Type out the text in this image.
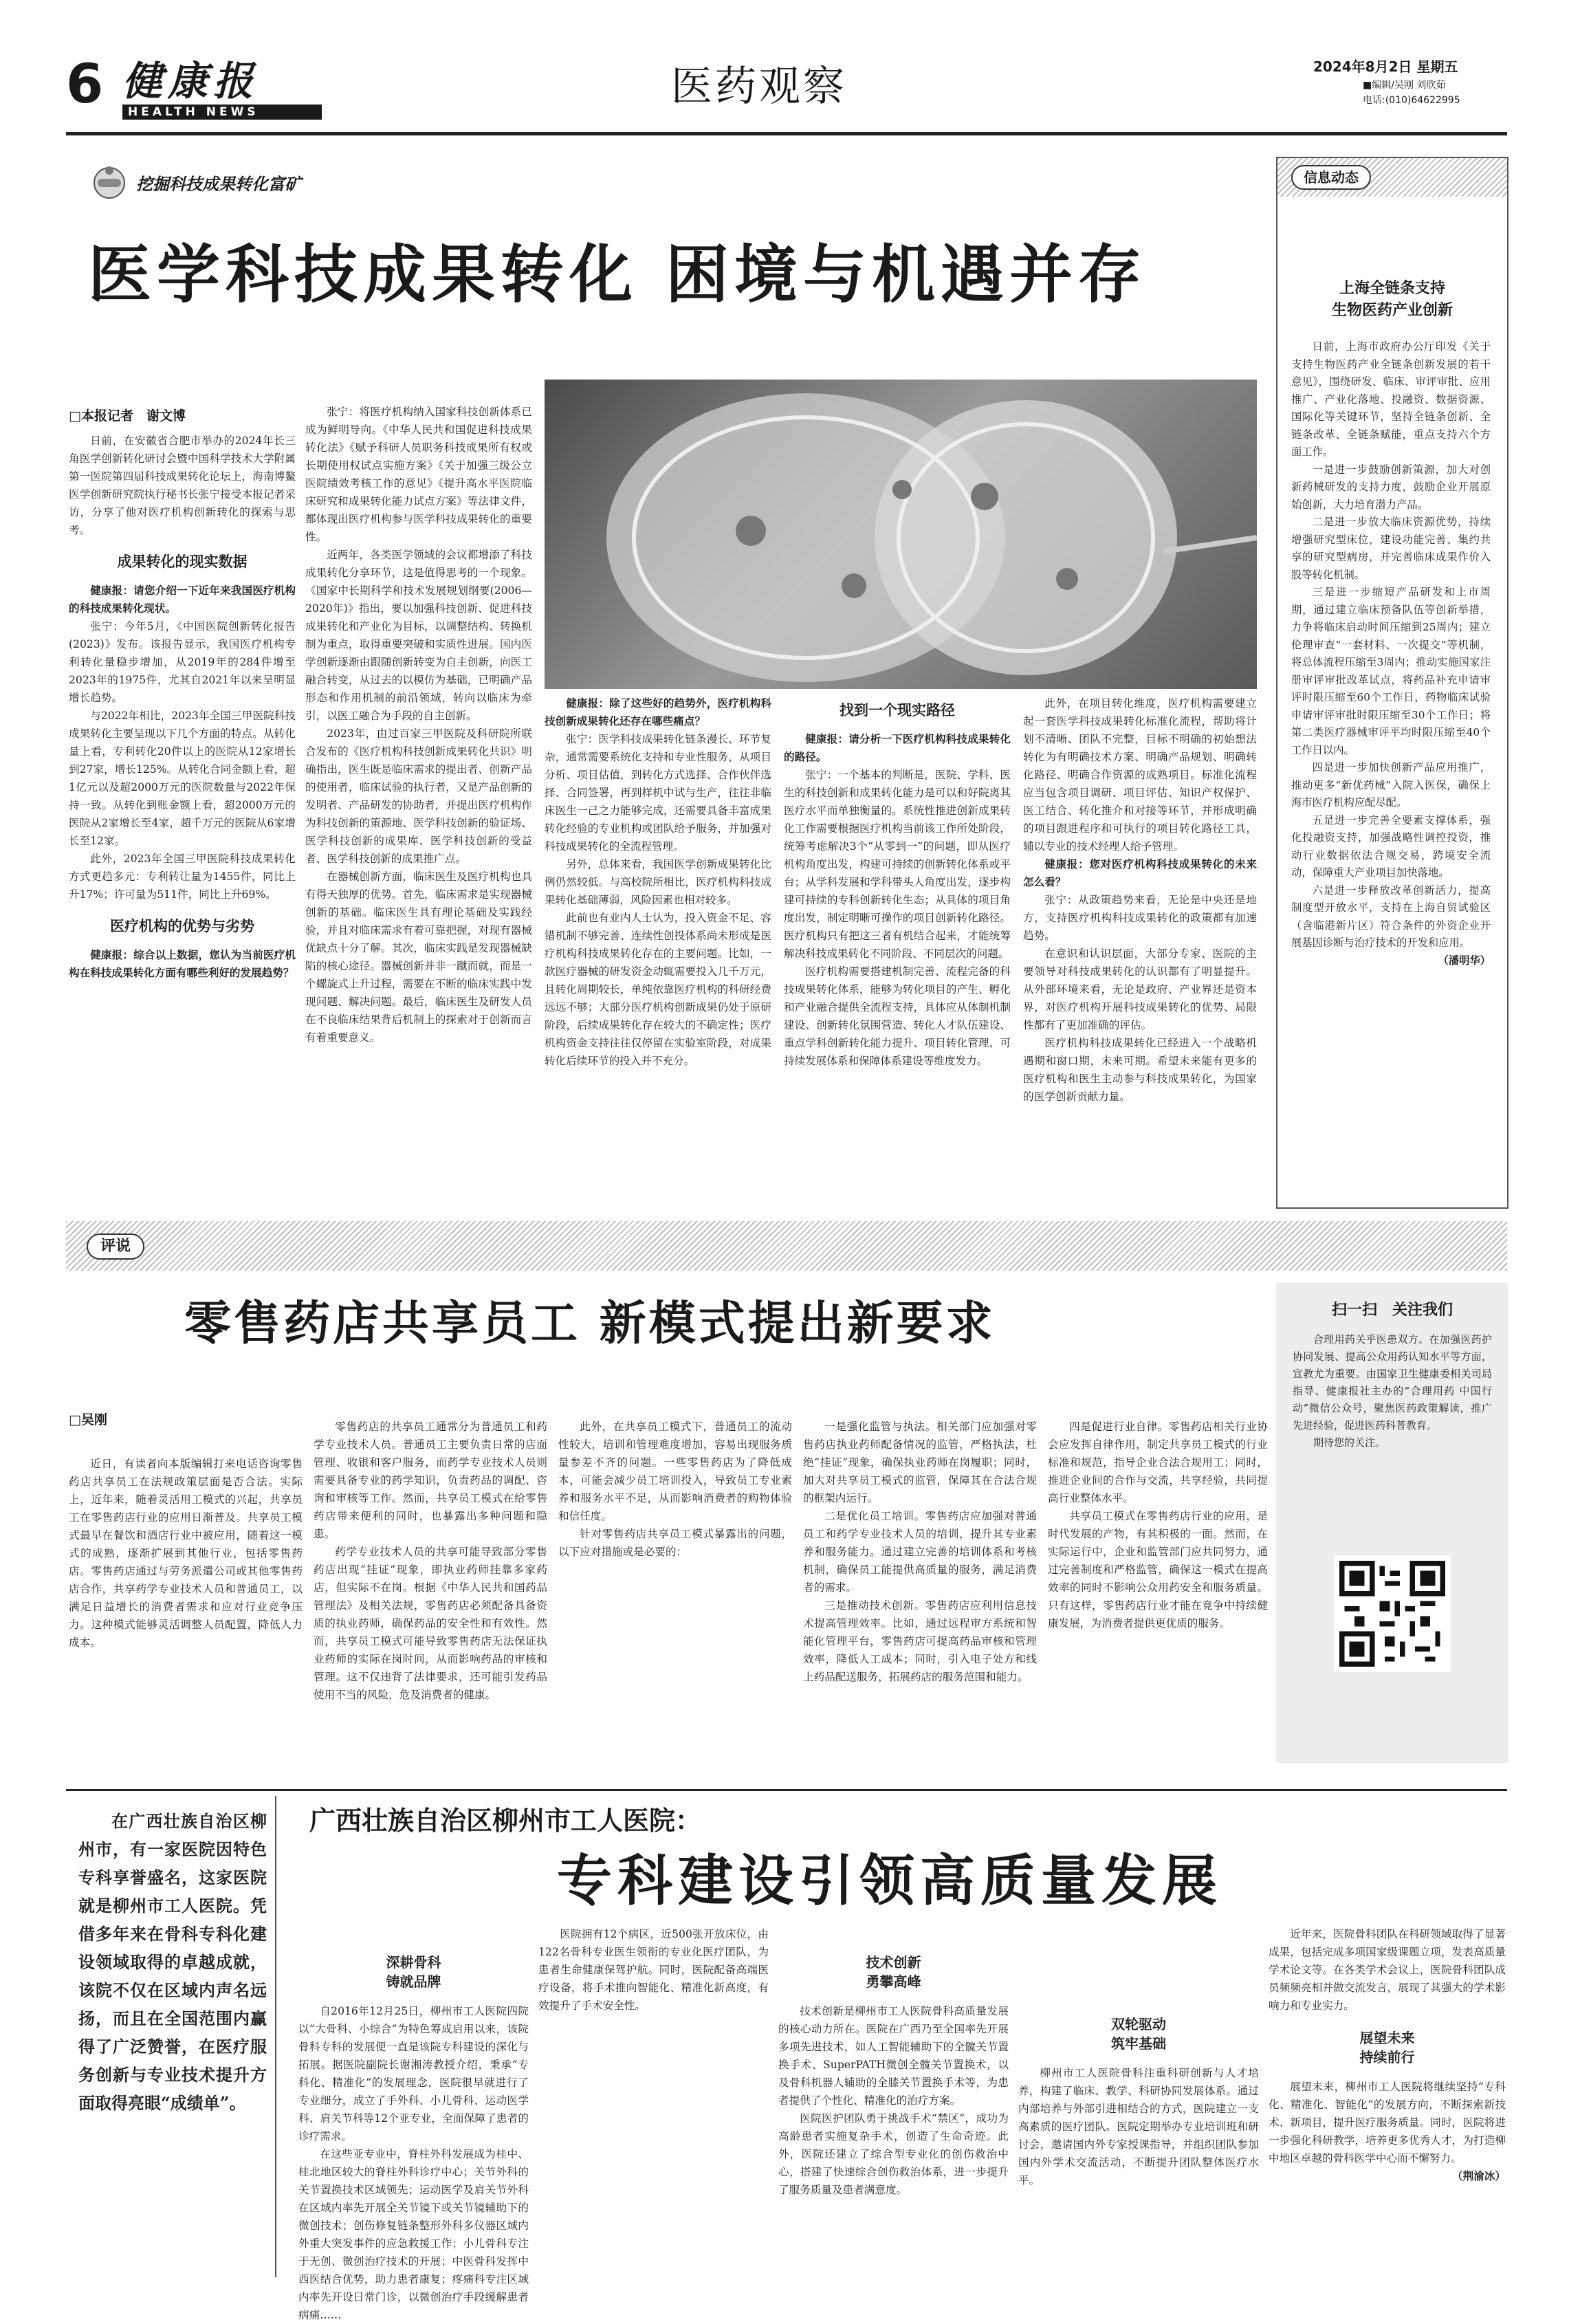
6 健康报
HEALTH NEWS
医药观察	2024年8月2日 星期五
■编辑/吴刚 刘欣茹
电话:(010)64622995
挖掘科技成果转化富矿
医学科技成果转化 困境与机遇并存
□本报记者　谢文博

日前，在安徽省合肥市举办的2024年长三角医学创新转化研讨会暨中国科学技术大学附属第一医院第四届科技成果转化论坛上，海南博鳌医学创新研究院执行秘书长张宁接受本报记者采访，分享了他对医疗机构创新转化的探索与思考。

成果转化的现实数据

健康报：请您介绍一下近年来我国医疗机构的科技成果转化现状。

张宁：今年5月，《中国医院创新转化报告(2023)》发布。该报告显示，我国医疗机构专利转化量稳步增加，从2019年的284件增至2023年的1975件，尤其自2021年以来呈明显增长趋势。

与2022年相比，2023年全国三甲医院科技成果转化主要呈现以下几个方面的特点。从转化量上看，专利转化20件以上的医院从12家增长到27家，增长125%。从转化合同金额上看，超1亿元以及超2000万元的医院数量与2022年保持一致。从转化到账金额上看，超2000万元的医院从2家增长至4家，超千万元的医院从6家增长至12家。

此外，2023年全国三甲医院科技成果转化方式更趋多元：专利转让量为1455件，同比上升17%；许可量为511件，同比上升69%。

医疗机构的优势与劣势

健康报：综合以上数据，您认为当前医疗机构在科技成果转化方面有哪些利好的发展趋势？

张宁：将医疗机构纳入国家科技创新体系已成为鲜明导向。《中华人民共和国促进科技成果转化法》《赋予科研人员职务科技成果所有权或长期使用权试点实施方案》《关于加强三级公立医院绩效考核工作的意见》《提升高水平医院临床研究和成果转化能力试点方案》等法律文件，都体现出医疗机构参与医学科技成果转化的重要性。

近两年，各类医学领域的会议都增添了科技成果转化分享环节，这是值得思考的一个现象。《国家中长期科学和技术发展规划纲要(2006—2020年)》指出，要以加强科技创新、促进科技成果转化和产业化为目标，以调整结构、转换机制为重点，取得重要突破和实质性进展。国内医学创新逐渐由跟随创新转变为自主创新，向医工融合转变，从过去的以模仿为基础，已明确产品形态和作用机制的前沿领域，转向以临床为牵引，以医工融合为手段的自主创新。

2023年，由过百家三甲医院及科研院所联合发布的《医疗机构科技创新成果转化共识》明确指出，医生既是临床需求的提出者、创新产品的使用者，临床试验的执行者，又是产品创新的发明者、产品研发的协助者，并提出医疗机构作为科技创新的策源地、医学科技创新的验证场、医学科技创新的成果库、医学科技创新的受益者、医学科技创新的成果推广点。

在器械创新方面，临床医生及医疗机构也具有得天独厚的优势。首先，临床需求是实现器械创新的基础。临床医生具有理论基础及实践经验，并且对临床需求有着可靠把握，对现有器械优缺点十分了解。其次，临床实践是发现器械缺陷的核心途径。器械创新并非一蹴而就，而是一个螺旋式上升过程，需要在不断的临床实践中发现问题、解决问题。最后，临床医生及研发人员在不良临床结果背后机制上的探索对于创新而言有着重要意义。

健康报：除了这些好的趋势外，医疗机构科技创新成果转化还存在哪些痛点？

张宁：医学科技成果转化链条漫长、环节复杂，通常需要系统化支持和专业性服务，从项目分析、项目估值，到转化方式选择、合作伙伴选择、合同签署，再到样机中试与生产，往往非临床医生一己之力能够完成，还需要具备丰富成果转化经验的专业机构或团队给予服务，并加强对科技成果转化的全流程管理。

另外，总体来看，我国医学创新成果转化比例仍然较低。与高校院所相比，医疗机构科技成果转化基础薄弱，风险因素也相对较多。

此前也有业内人士认为，投入资金不足、容错机制不够完善、连续性创投体系尚未形成是医疗机构科技成果转化存在的主要问题。比如，一款医疗器械的研发资金动辄需要投入几千万元，且转化周期较长，单纯依靠医疗机构的科研经费远远不够；大部分医疗机构创新成果仍处于原研阶段，后续成果转化存在较大的不确定性；医疗机构资金支持往往仅停留在实验室阶段，对成果转化后续环节的投入并不充分。

找到一个现实路径

健康报：请分析一下医疗机构科技成果转化的路径。

张宁：一个基本的判断是，医院、学科、医生的科技创新和成果转化能力是可以和好院离其医疗水平而单独衡量的。系统性推进创新成果转化工作需要根据医疗机构当前该工作所处阶段，统筹考虑解决3个“从零到一”的问题，即从医疗机构角度出发，构建可持续的创新转化体系或平台；从学科发展和学科带头人角度出发，逐步构建可持续的专科创新转化生态；从具体的项目角度出发，制定明晰可操作的项目创新转化路径。医疗机构只有把这三者有机结合起来，才能统筹解决科技成果转化不同阶段、不同层次的问题。

医疗机构需要搭建机制完善、流程完备的科技成果转化体系，能够为转化项目的产生、孵化和产业融合提供全流程支持，具体应从体制机制建设、创新转化氛围营造、转化人才队伍建设、重点学科创新转化能力提升、项目转化管理、可持续发展体系和保障体系建设等维度发力。

此外，在项目转化维度，医疗机构需要建立起一套医学科技成果转化标准化流程，帮助将计划不清晰、团队不完整，目标不明确的初始想法转化为有明确技术方案、明确产品规划、明确转化路径、明确合作资源的成熟项目。标准化流程应当包含项目调研、项目评估、知识产权保护、医工结合、转化推介和对接等环节，并形成明确的项目跟进程序和可执行的项目转化路径工具，辅以专业的技术经理人给予管理。

健康报：您对医疗机构科技成果转化的未来怎么看？

张宁：从政策趋势来看，无论是中央还是地方，支持医疗机构科技成果转化的政策都有加速趋势。

在意识和认识层面，大部分专家、医院的主要领导对科技成果转化的认识都有了明显提升。从外部环境来看，无论是政府、产业界还是资本界，对医疗机构开展科技成果转化的优势、局限性都有了更加准确的评估。

医疗机构科技成果转化已经进入一个战略机遇期和窗口期，未来可期。希望未来能有更多的医疗机构和医生主动参与科技成果转化，为国家的医学创新贡献力量。

信息动态
上海全链条支持
生物医药产业创新

日前，上海市政府办公厅印发《关于支持生物医药产业全链条创新发展的若干意见》，围绕研发、临床、审评审批、应用推广、产业化落地、投融资、数据资源、国际化等关键环节，坚持全链条创新、全链条改革、全链条赋能，重点支持六个方面工作。

一是进一步鼓励创新策源，加大对创新药械研发的支持力度，鼓励企业开展原始创新，大力培育潜力产品。

二是进一步放大临床资源优势，持续增强研究型床位，建设功能完善、集约共享的研究型病房，并完善临床成果作价入股等转化机制。

三是进一步缩短产品研发和上市周期，通过建立临床预备队伍等创新举措，力争将临床启动时间压缩到25周内；建立伦理审查“一套材料、一次提交”等机制，将总体流程压缩至3周内；推动实施国家注册审评审批改革试点，将药品补充申请审评时限压缩至60个工作日，药物临床试验申请审评审批时限压缩至30个工作日；将第二类医疗器械审评平均时限压缩至40个工作日以内。

四是进一步加快创新产品应用推广，推动更多“新优药械”入院入医保，确保上海市医疗机构应配尽配。

五是进一步完善全要素支撑体系，强化投融资支持，加强战略性调控投资，推动行业数据依法合规交易，跨境安全流动，保障重大产业项目加快落地。

六是进一步释放改革创新活力，提高制度型开放水平，支持在上海自贸试验区（含临港新片区）符合条件的外资企业开展基因诊断与治疗技术的开发和应用。

（潘明华）

评说
零售药店共享员工 新模式提出新要求
□吴刚

近日，有读者向本版编辑打来电话咨询零售药店共享员工在法规政策层面是否合法。实际上，近年来，随着灵活用工模式的兴起，共享员工在零售药店行业的应用日渐普及。共享员工模式最早在餐饮和酒店行业中被应用，随着这一模式的成熟，逐渐扩展到其他行业，包括零售药店。零售药店通过与劳务派遣公司或其他零售药店合作，共享药学专业技术人员和普通员工，以满足日益增长的消费者需求和应对行业竞争压力。这种模式能够灵活调整人员配置，降低人力成本。

零售药店的共享员工通常分为普通员工和药学专业技术人员。普通员工主要负责日常的店面管理、收银和客户服务，而药学专业技术人员则需要具备专业的药学知识，负责药品的调配、咨询和审核等工作。然而，共享员工模式在给零售药店带来便利的同时，也暴露出多种问题和隐患。

药学专业技术人员的共享可能导致部分零售药店出现“挂证”现象，即执业药师挂靠多家药店，但实际不在岗。根据《中华人民共和国药品管理法》及相关法规，零售药店必须配备具备资质的执业药师，确保药品的安全性和有效性。然而，共享员工模式可能导致零售药店无法保证执业药师的实际在岗时间，从而影响药品的审核和管理。这不仅违背了法律要求，还可能引发药品使用不当的风险，危及消费者的健康。

此外，在共享员工模式下，普通员工的流动性较大，培训和管理难度增加，容易出现服务质量参差不齐的问题。一些零售药店为了降低成本，可能会减少员工培训投入，导致员工专业素养和服务水平不足，从而影响消费者的购物体验和信任度。

针对零售药店共享员工模式暴露出的问题，以下应对措施或是必要的：

一是强化监管与执法。相关部门应加强对零售药店执业药师配备情况的监管，严格执法，杜绝“挂证”现象，确保执业药师在岗履职；同时，加大对共享员工模式的监管，保障其在合法合规的框架内运行。

二是优化员工培训。零售药店应加强对普通员工和药学专业技术人员的培训，提升其专业素养和服务能力。通过建立完善的培训体系和考核机制，确保员工能提供高质量的服务，满足消费者的需求。

三是推动技术创新。零售药店应利用信息技术提高管理效率。比如，通过远程审方系统和智能化管理平台，零售药店可提高药品审核和管理效率，降低人工成本；同时，引入电子处方和线上药品配送服务，拓展药店的服务范围和能力。

四是促进行业自律。零售药店相关行业协会应发挥自律作用，制定共享员工模式的行业标准和规范，指导企业合法合规用工；同时，推进企业间的合作与交流，共享经验，共同提高行业整体水平。

共享员工模式在零售药店行业的应用，是时代发展的产物，有其积极的一面。然而，在实际运行中，企业和监管部门应共同努力，通过完善制度和严格监管，确保这一模式在提高效率的同时不影响公众用药安全和服务质量。只有这样，零售药店行业才能在竞争中持续健康发展，为消费者提供更优质的服务。

扫一扫　关注我们

合理用药关乎医患双方。在加强医药护协同发展、提高公众用药认知水平等方面，宣教尤为重要。由国家卫生健康委相关司局指导、健康报社主办的“合理用药 中国行动”微信公众号，聚焦医药政策解读，推广先进经验，促进医药科普教育。

期待您的关注。

在广西壮族自治区柳州市，有一家医院因特色专科享誉盛名，这家医院就是柳州市工人医院。凭借多年来在骨科专科化建设领域取得的卓越成就，该院不仅在区域内声名远扬，而且在全国范围内赢得了广泛赞誉，在医疗服务创新与专业技术提升方面取得亮眼“成绩单”。

广西壮族自治区柳州市工人医院：
专科建设引领高质量发展
深耕骨科
铸就品牌

自2016年12月25日，柳州市工人医院四院以“大骨科、小综合”为特色筹成启用以来，该院骨科专科的发展便一直是该院专科建设的深化与拓展。据医院副院长谢湘涛教授介绍，秉承“专科化、精准化”的发展理念，医院很早就进行了专业细分，成立了手外科、小儿骨科、运动医学科、肩关节科等12个亚专业，全面保障了患者的诊疗需求。

在这些亚专业中，脊柱外科发展成为桂中、桂北地区较大的脊柱外科诊疗中心；关节外科的关节置换技术区域领先；运动医学及肩关节外科在区域内率先开展全关节镜下或关节镜辅助下的微创技术；创伤修复链条整形外科多仪器区域内外重大突发事件的应急救援工作；小儿骨科专注于无创、微创治疗技术的开展；中医骨科发挥中西医结合优势，助力患者康复；疼痛科专注区域内率先开设日常门诊，以微创治疗手段缓解患者病痛……

医院拥有12个病区，近500张开放床位，由122名骨科专业医生领衔的专业化医疗团队，为患者生命健康保驾护航。同时，医院配备高端医疗设备，将手术推向智能化、精准化新高度，有效提升了手术安全性。

技术创新
勇攀高峰

技术创新是柳州市工人医院骨科高质量发展的核心动力所在。医院在广西乃至全国率先开展多项先进技术，如人工智能辅助下的全髋关节置换手术、SuperPATH微创全髋关节置换术，以及骨科机器人辅助的全膝关节置换手术等，为患者提供了个性化、精准化的治疗方案。

医院医护团队勇于挑战手术“禁区”，成功为高龄患者实施复杂手术，创造了生命奇迹。此外，医院还建立了综合型专业化的创伤救治中心，搭建了快速综合创伤救治体系，进一步提升了服务质量及患者满意度。

双轮驱动
筑牢基础

柳州市工人医院骨科注重科研创新与人才培养，构建了临床、教学、科研协同发展体系。通过内部培养与外部引进相结合的方式，医院建立一支高素质的医疗团队。医院定期举办专业培训班和研讨会，邀请国内外专家授课指导，并组织团队参加国内外学术交流活动，不断提升团队整体医疗水平。

近年来，医院骨科团队在科研领域取得了显著成果，包括完成多项国家级课题立项，发表高质量学术论文等。在各类学术会议上，医院骨科团队成员频频亮相并做交流发言，展现了其强大的学术影响力和专业实力。

展望未来
持续前行

展望未来，柳州市工人医院将继续坚持“专科化、精准化、智能化”的发展方向，不断探索新技术、新项目，提升医疗服务质量。同时，医院将进一步强化科研教学，培养更多优秀人才，为打造柳中地区卓越的骨科医学中心而不懈努力。

（荆渝冰）
